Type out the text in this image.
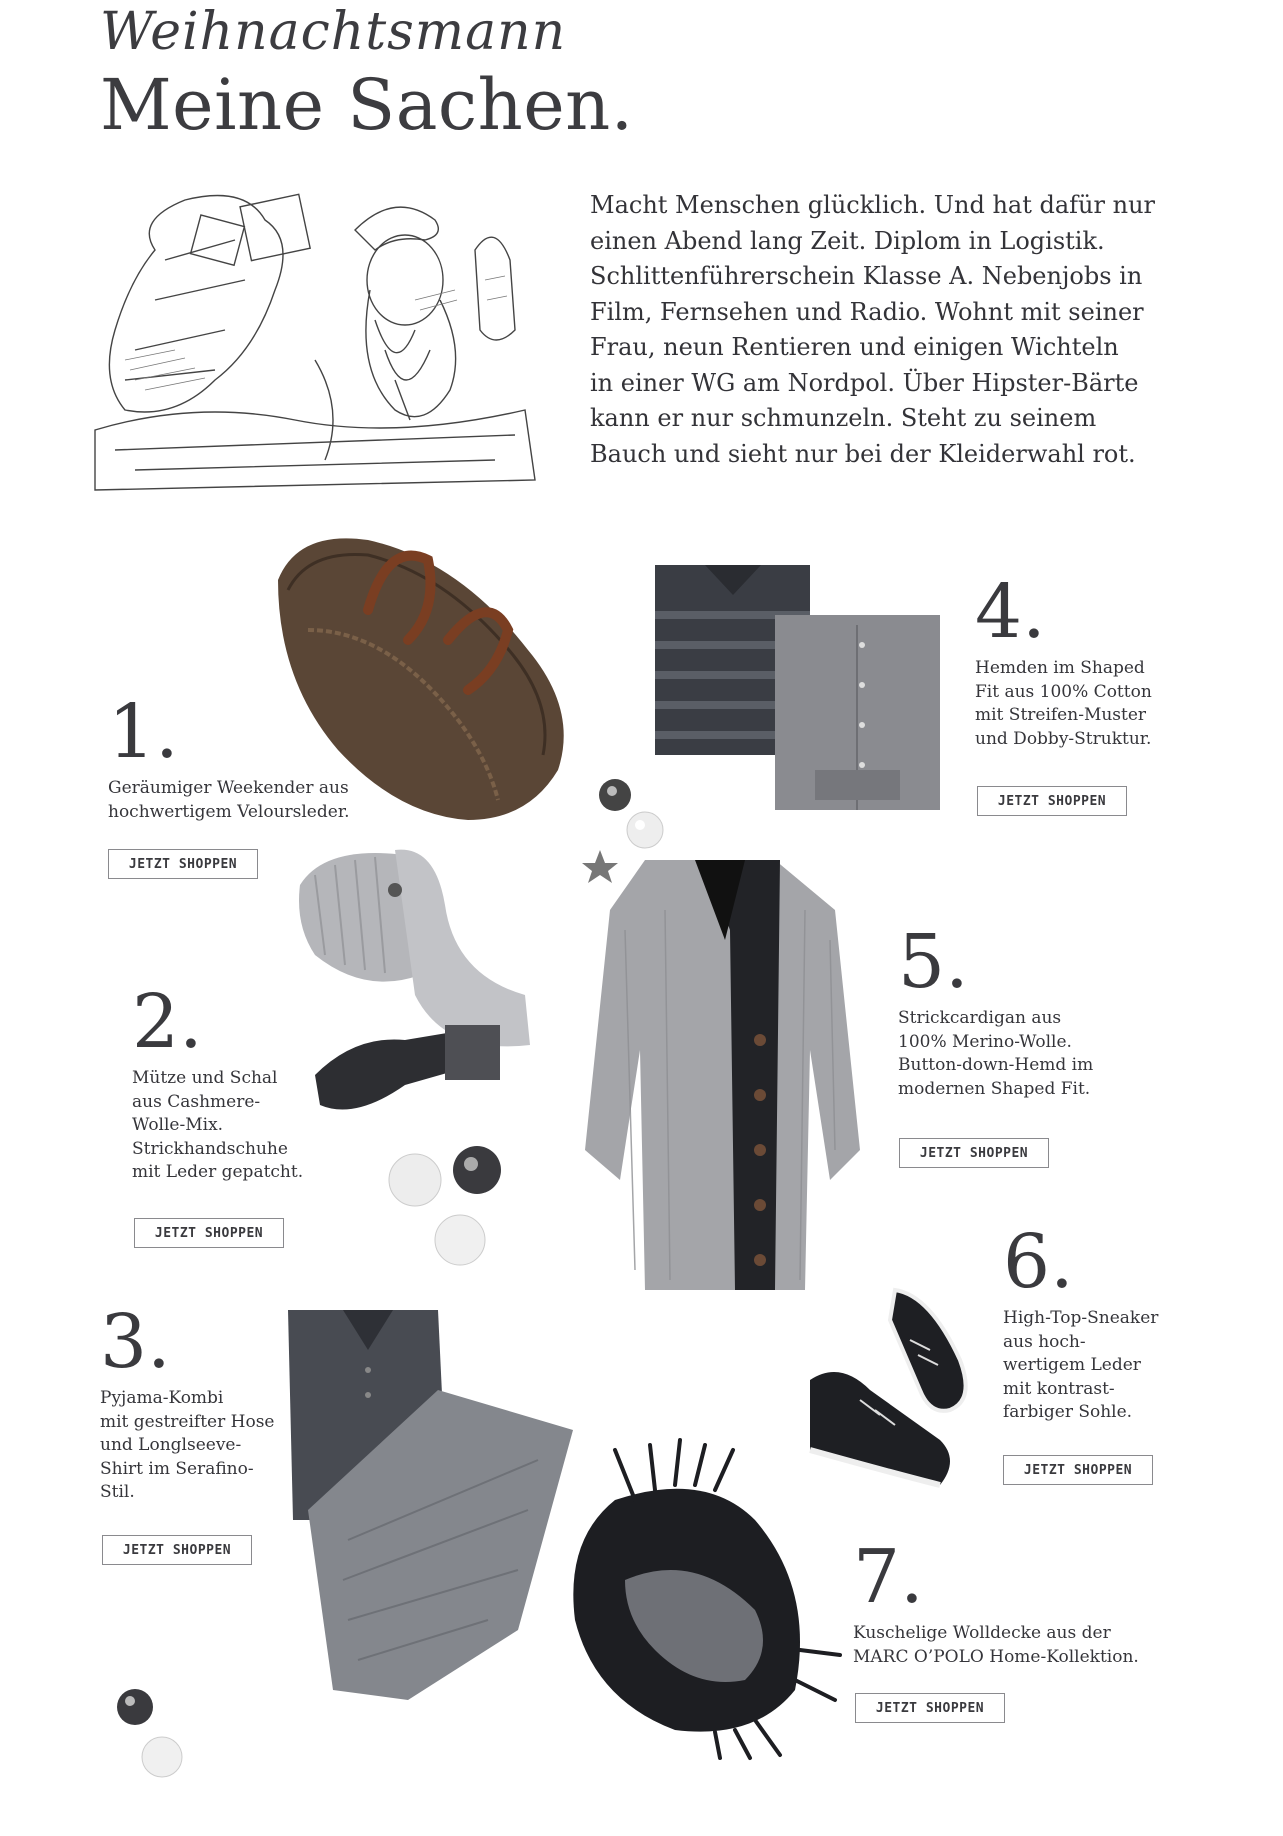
Weihnachtsmann
Meine Sachen.

Macht Menschen glücklich. Und hat dafür nur
einen Abend lang Zeit. Diplom in Logistik.
Schlittenführerschein Klasse A. Nebenjobs in
Film, Fernsehen und Radio. Wohnt mit seiner
Frau, neun Rentieren und einigen Wichteln
in einer WG am Nordpol. Über Hipster-Bärte
kann er nur schmunzeln. Steht zu seinem
Bauch und sieht nur bei der Kleiderwahl rot.

1.

Geräumiger Weekender aus
hochwertigem Veloursleder.

JETZT SHOPPEN

2.

Mütze und Schal
aus Cashmere-
Wolle-Mix.
Strickhandschuhe
mit Leder gepatcht.

JETZT SHOPPEN

3.

Pyjama-Kombi
mit gestreifter Hose
und Longlseeve-
Shirt im Serafino-
Stil.

JETZT SHOPPEN

4.

Hemden im Shaped
Fit aus 100% Cotton
mit Streifen-Muster
und Dobby-Struktur.

JETZT SHOPPEN

5.

Strickcardigan aus
100% Merino-Wolle.
Button-down-Hemd im
modernen Shaped Fit.

JETZT SHOPPEN

6.

High-Top-Sneaker
aus hoch-
wertigem Leder
mit kontrast-
farbiger Sohle.

JETZT SHOPPEN

7.

Kuschelige Wolldecke aus der
MARC O’POLO Home-Kollektion.

JETZT SHOPPEN
